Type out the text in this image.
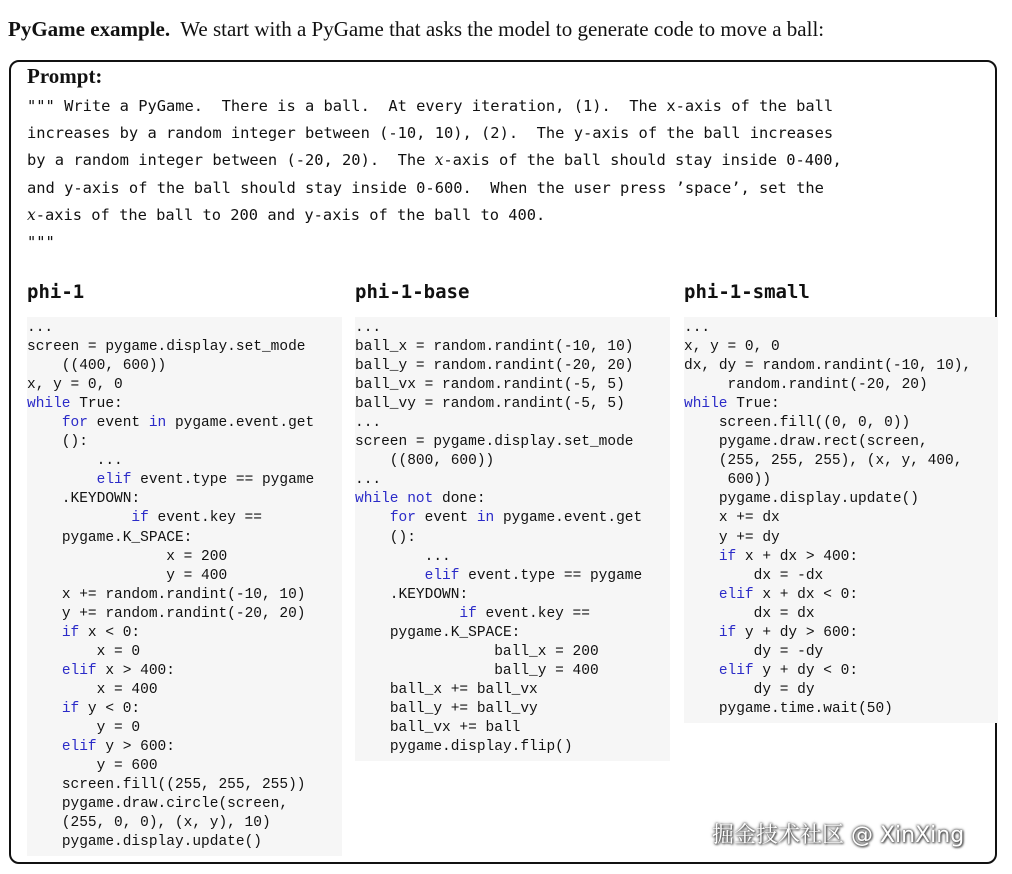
PyGame example. We start with a PyGame that asks the model to generate code to move a ball:
Prompt:
""" Write a PyGame.  There is a ball.  At every iteration, (1).  The x-axis of the ball
increases by a random integer between (-10, 10), (2).  The y-axis of the ball increases
by a random integer between (-20, 20).  The x-axis of the ball should stay inside 0-400,
and y-axis of the ball should stay inside 0-600.  When the user press ’space’, set the
x-axis of the ball to 200 and y-axis of the ball to 400.
"""
phi-1	phi-1-base	phi-1-small
...
screen = pygame.display.set_mode
((400, 600))
x, y = 0, 0
while True:
for event in pygame.event.get
():
...
elif event.type == pygame
.KEYDOWN:
if event.key ==
pygame.K_SPACE:
x = 200
y = 400
x += random.randint(-10, 10)
y += random.randint(-20, 20)
if x < 0:
x = 0
elif x > 400:
x = 400
if y < 0:
y = 0
elif y > 600:
y = 600
screen.fill((255, 255, 255))
pygame.draw.circle(screen,
(255, 0, 0), (x, y), 10)
pygame.display.update()
...
ball_x = random.randint(-10, 10)
ball_y = random.randint(-20, 20)
ball_vx = random.randint(-5, 5)
ball_vy = random.randint(-5, 5)
...
screen = pygame.display.set_mode
((800, 600))
...
while not done:
for event in pygame.event.get
():
...
elif event.type == pygame
.KEYDOWN:
if event.key ==
pygame.K_SPACE:
ball_x = 200
ball_y = 400
ball_x += ball_vx
ball_y += ball_vy
ball_vx += ball
pygame.display.flip()
...
x, y = 0, 0
dx, dy = random.randint(-10, 10),
random.randint(-20, 20)
while True:
screen.fill((0, 0, 0))
pygame.draw.rect(screen,
(255, 255, 255), (x, y, 400,
600))
pygame.display.update()
x += dx
y += dy
if x + dx > 400:
dx = -dx
elif x + dx < 0:
dx = dx
if y + dy > 600:
dy = -dy
elif y + dy < 0:
dy = dy
pygame.time.wait(50)
掘金技术社区 @ XinXing
